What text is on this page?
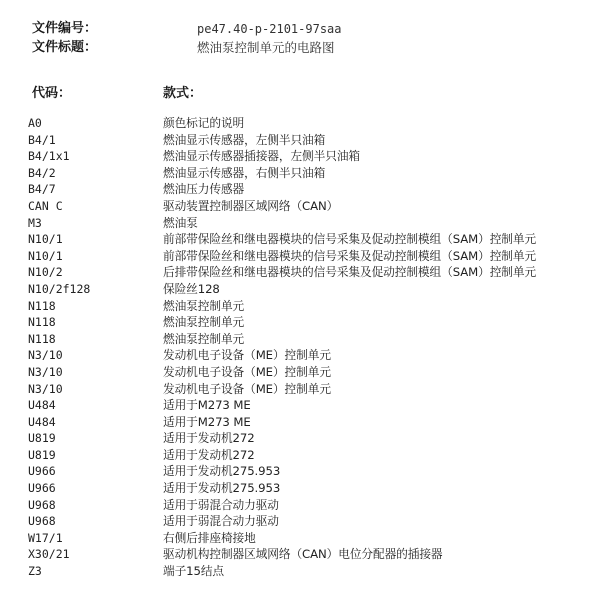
文件编号：	pe47.40-p-2101-97saa
文件标题：	燃油泵控制单元的电路图
代码：	款式：
A0	颜色标记的说明
B4/1	燃油显示传感器，左侧半只油箱
B4/1x1	燃油显示传感器插接器，左侧半只油箱
B4/2	燃油显示传感器，右侧半只油箱
B4/7	燃油压力传感器
CAN C	驱动装置控制器区域网络（CAN）
M3	燃油泵
N10/1	前部带保险丝和继电器模块的信号采集及促动控制模组（SAM）控制单元
N10/1	前部带保险丝和继电器模块的信号采集及促动控制模组（SAM）控制单元
N10/2	后排带保险丝和继电器模块的信号采集及促动控制模组（SAM）控制单元
N10/2f128	保险丝128
N118	燃油泵控制单元
N118	燃油泵控制单元
N118	燃油泵控制单元
N3/10	发动机电子设备（ME）控制单元
N3/10	发动机电子设备（ME）控制单元
N3/10	发动机电子设备（ME）控制单元
U484	适用于M273 ME
U484	适用于M273 ME
U819	适用于发动机272
U819	适用于发动机272
U966	适用于发动机275.953
U966	适用于发动机275.953
U968	适用于弱混合动力驱动
U968	适用于弱混合动力驱动
W17/1	右侧后排座椅接地
X30/21	驱动机构控制器区域网络（CAN）电位分配器的插接器
Z3	端子15结点
